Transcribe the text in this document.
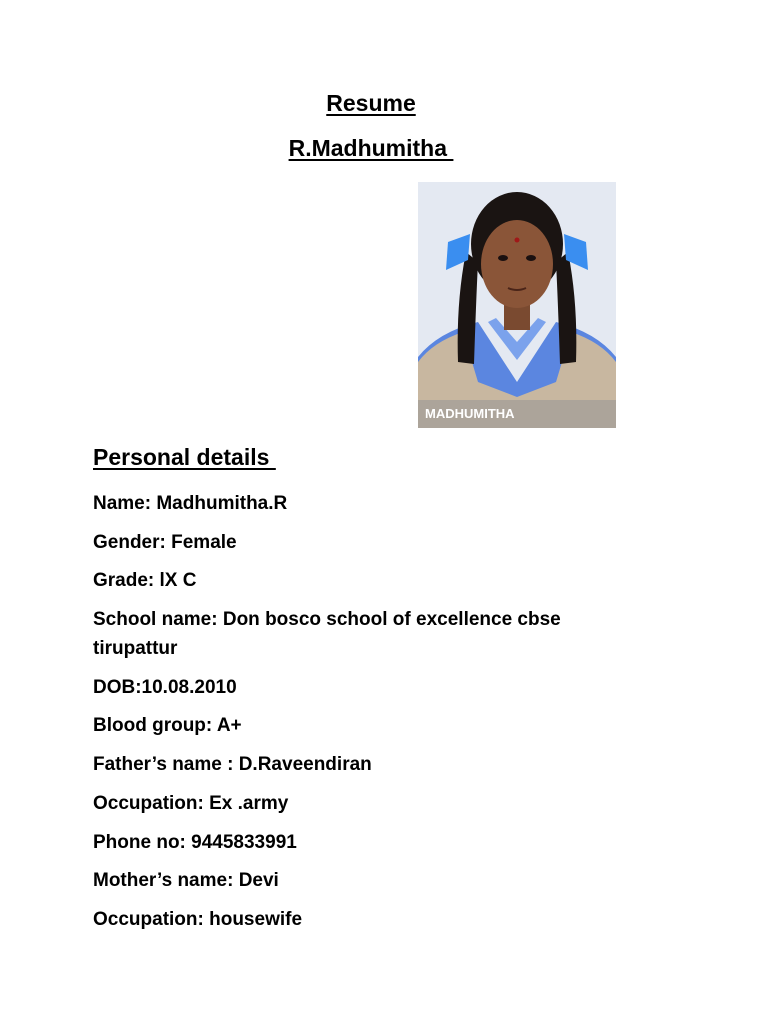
Resume
R.Madhumitha
MADHUMITHA
Personal details
Name: Madhumitha.R
Gender: Female
Grade: lX C
School name: Don bosco school of excellence cbse tirupattur
DOB:10.08.2010
Blood group: A+
Father’s name : D.Raveendiran
Occupation: Ex .army
Phone no: 9445833991
Mother’s name: Devi
Occupation: housewife
